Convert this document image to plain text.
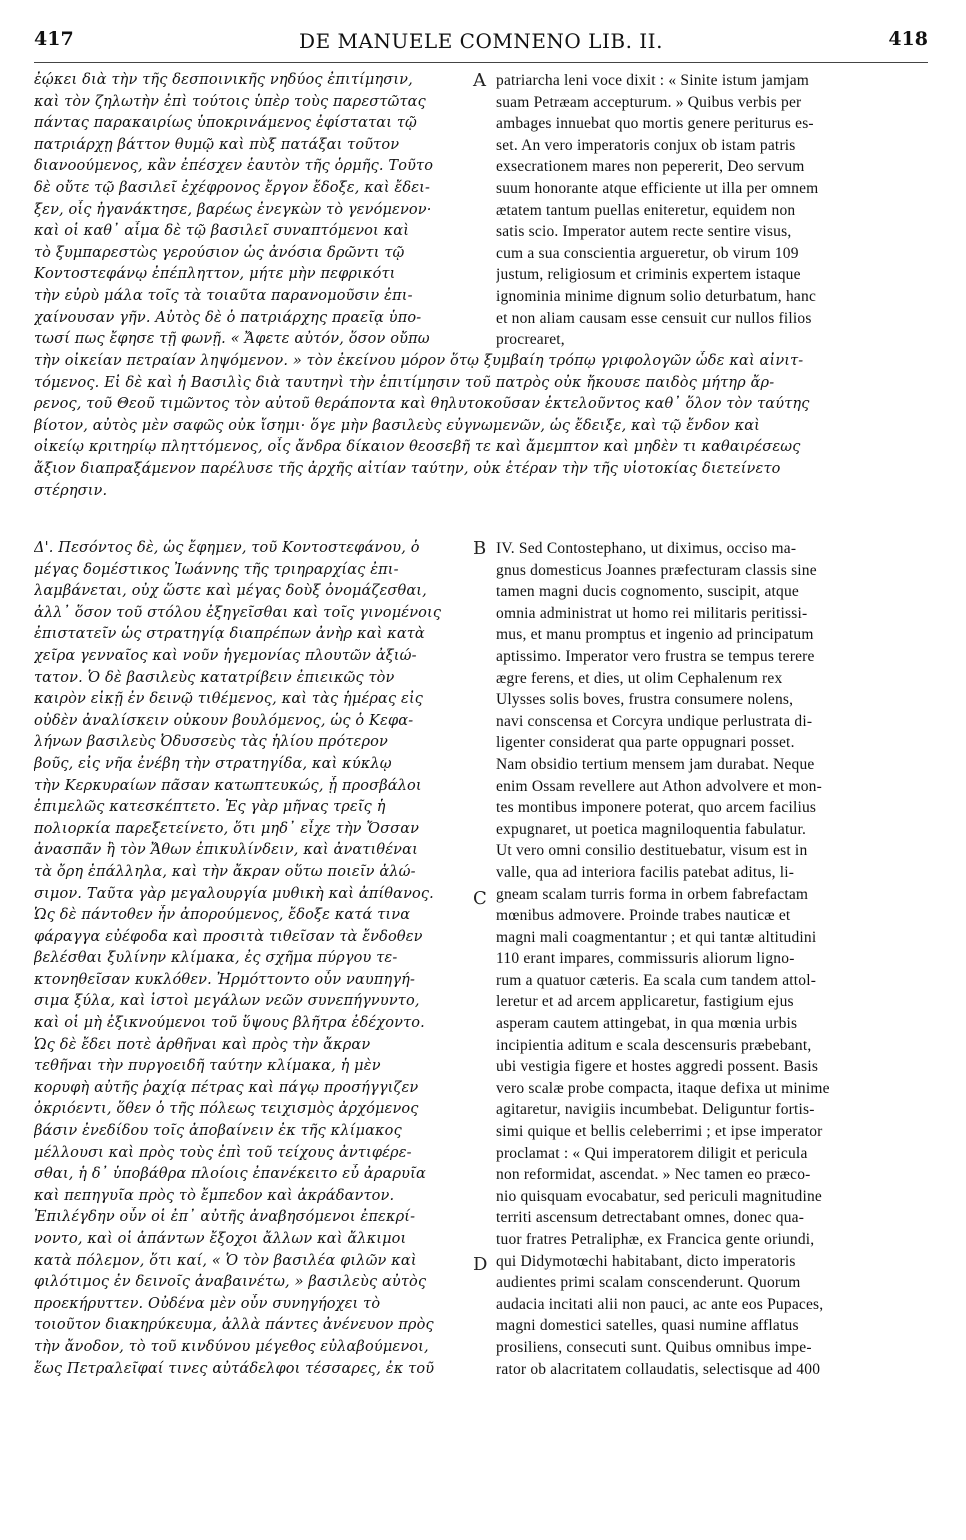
417	DE MANUELE COMNENO LIB. II.	418
A
B
C
D
ἐῴκει διὰ τὴν τῆς δεσποινικῆς νηδύος ἐπιτίμησιν,
καὶ τὸν ζηλωτὴν ἐπὶ τούτοις ὑπὲρ τοὺς παρεστῶτας
πάντας παρακαιρίως ὑποκρινάμενος ἐφίσταται τῷ
πατριάρχῃ βάττον θυμῷ καὶ πὺξ πατάξαι τοῦτον
διανοούμενος, κἂν ἐπέσχεν ἑαυτὸν τῆς ὁρμῆς. Τοῦτο
δὲ οὔτε τῷ βασιλεῖ ἐχέφρονος ἔργον ἔδοξε, καὶ ἔδει-
ξεν, οἷς ἠγανάκτησε, βαρέως ἐνεγκὼν τὸ γενόμενον·
καὶ οἱ καθ᾽ αἷμα δὲ τῷ βασιλεῖ συναπτόμενοι καὶ
τὸ ξυμπαρεστὼς γερούσιον ὡς ἀνόσια δρῶντι τῷ
Κοντοστεφάνῳ ἐπέπληττον, μήτε μὴν πεφρικότι
τὴν εὐρὺ μάλα τοῖς τὰ τοιαῦτα παρανομοῦσιν ἐπι-
χαίνουσαν γῆν. Αὐτὸς δὲ ὁ πατριάρχης πραεῖᾳ ὑπο-
τωσί πως ἔφησε τῇ φωνῇ. « Ἄφετε αὐτόν, ὅσον οὔπω
patriarcha leni voce dixit : « Sinite istum jamjam
suam Petræam accepturum. » Quibus verbis per
ambages innuebat quo mortis genere periturus es-
set. An vero imperatoris conjux ob istam patris
exsecrationem mares non pepererit, Deo servum
suum honorante atque efficiente ut illa per omnem
ætatem tantum puellas eniteretur, equidem non
satis scio. Imperator autem recte sentire visus,
cum a sua conscientia argueretur, ob virum 109
justum, religiosum et criminis expertem istaque
ignominia minime dignum solio deturbatum, hanc
et non aliam causam esse censuit cur nullos filios
procrearet,
τὴν οἰκείαν πετραίαν ληψόμενον. » τὸν ἐκείνου μόρον ὅτῳ ξυμβαίη τρόπῳ γριφολογῶν ὧδε καὶ αἰνιτ-
τόμενος. Εἰ δὲ καὶ ἡ Βασιλὶς διὰ ταυτηνὶ τὴν ἐπιτίμησιν τοῦ πατρὸς οὐκ ἤκουσε παιδὸς μήτηρ ἄρ-
ρενος, τοῦ Θεοῦ τιμῶντος τὸν αὐτοῦ θεράποντα καὶ θηλυτοκοῦσαν ἐκτελοῦντος καθ᾽ ὅλον τὸν ταύτης
βίοτον, αὐτὸς μὲν σαφῶς οὐκ ἴσημι· ὅγε μὴν βασιλεὺς εὐγνωμενῶν, ὡς ἔδειξε, καὶ τῷ ἔνδον καὶ
οἰκείῳ κριτηρίῳ πληττόμενος, οἷς ἄνδρα δίκαιον θεοσεβῆ τε καὶ ἄμεμπτον καὶ μηδὲν τι καθαιρέσεως
ἄξιον διαπραξάμενον παρέλυσε τῆς ἀρχῆς αἰτίαν ταύτην, οὐκ ἑτέραν τὴν τῆς υἱοτοκίας διετείνετο
στέρησιν.
Δ'. Πεσόντος δὲ, ὡς ἔφημεν, τοῦ Κοντοστεφάνου, ὁ
μέγας δομέστικος Ἰωάννης τῆς τριηραρχίας ἐπι-
λαμβάνεται, οὐχ ὥστε καὶ μέγας δοὺξ ὀνομάζεσθαι,
ἀλλ᾽ ὅσον τοῦ στόλου ἐξηγεῖσθαι καὶ τοῖς γινομένοις
ἐπιστατεῖν ὡς στρατηγίᾳ διαπρέπων ἀνὴρ καὶ κατὰ
χεῖρα γενναῖος καὶ νοῦν ἡγεμονίας πλουτῶν ἀξιώ-
τατον. Ὁ δὲ βασιλεὺς κατατρίβειν ἐπιεικῶς τὸν
καιρὸν εἰκῇ ἐν δεινῷ τιθέμενος, καὶ τὰς ἡμέρας εἰς
οὐδὲν ἀναλίσκειν οὐκουν βουλόμενος, ὡς ὁ Κεφα-
λήνων βασιλεὺς Ὀδυσσεὺς τὰς ἡλίου πρότερον
βοῦς, εἰς νῆα ἐνέβη τὴν στρατηγίδα, καὶ κύκλῳ
τὴν Κερκυραίων πᾶσαν κατωπτευκώς, ᾗ προσβάλοι
ἐπιμελῶς κατεσκέπτετο. Ἐς γὰρ μῆνας τρεῖς ἡ
πολιορκία παρεξετείνετο, ὅτι μηδ᾽ εἶχε τὴν Ὄσσαν
ἀνασπᾶν ἢ τὸν Ἄθων ἐπικυλίνδειν, καὶ ἀνατιθέναι
τὰ ὄρη ἐπάλληλα, καὶ τὴν ἄκραν οὕτω ποιεῖν ἁλώ-
σιμον. Ταῦτα γὰρ μεγαλουργία μυθικὴ καὶ ἀπίθανος.
Ὡς δὲ πάντοθεν ἦν ἀπορούμενος, ἔδοξε κατά τινα
φάραγγα εὐέφοδα καὶ προσιτὰ τιθεῖσαν τὰ ἔνδοθεν
βελέσθαι ξυλίνην κλίμακα, ἐς σχῆμα πύργου τε-
κτονηθεῖσαν κυκλόθεν. Ἠρμόττοντο οὖν ναυπηγή-
σιμα ξύλα, καὶ ἱστοὶ μεγάλων νεῶν συνεπήγνυντο,
καὶ οἱ μὴ ἐξικνούμενοι τοῦ ὕψους βλῆτρα ἐδέχοντο.
Ὡς δὲ ἔδει ποτὲ ἀρθῆναι καὶ πρὸς τὴν ἄκραν
τεθῆναι τὴν πυργοειδῆ ταύτην κλίμακα, ἡ μὲν
κορυφὴ αὐτῆς ῥαχίᾳ πέτρας καὶ πάγῳ προσήγγιζεν
ὀκριόεντι, ὅθεν ὁ τῆς πόλεως τειχισμὸς ἀρχόμενος
βάσιν ἐνεδίδου τοῖς ἀποβαίνειν ἐκ τῆς κλίμακος
μέλλουσι καὶ πρὸς τοὺς ἐπὶ τοῦ τείχους ἀντιφέρε-
σθαι, ἡ δ᾽ ὑποβάθρα πλοίοις ἐπανέκειτο εὖ ἀραρυῖα
καὶ πεπηγυῖα πρὸς τὸ ἔμπεδον καὶ ἀκράδαντον.
Ἐπιλέγδην οὖν οἱ ἐπ᾽ αὐτῆς ἀναβησόμενοι ἐπεκρί-
νοντο, καὶ οἱ ἁπάντων ἔξοχοι ἄλλων καὶ ἄλκιμοι
κατὰ πόλεμον, ὅτι καί, « Ὁ τὸν βασιλέα φιλῶν καὶ
φιλότιμος ἐν δεινοῖς ἀναβαινέτω, » βασιλεὺς αὐτὸς
προεκήρυττεν. Οὐδένα μὲν οὖν συνηγήοχει τὸ
τοιοῦτον διακηρύκευμα, ἀλλὰ πάντες ἀνένευον πρὸς
τὴν ἄνοδον, τὸ τοῦ κινδύνου μέγεθος εὐλαβούμενοι,
ἕως Πετραλεῖφαί τινες αὐτάδελφοι τέσσαρες, ἐκ τοῦ
IV. Sed Contostephano, ut diximus, occiso ma-
gnus domesticus Joannes præfecturam classis sine
tamen magni ducis cognomento, suscipit, atque
omnia administrat ut homo rei militaris peritissi-
mus, et manu promptus et ingenio ad principatum
aptissimo. Imperator vero frustra se tempus terere
ægre ferens, et dies, ut olim Cephalenum rex
Ulysses solis boves, frustra consumere nolens,
navi conscensa et Corcyra undique perlustrata di-
ligenter considerat qua parte oppugnari posset.
Nam obsidio tertium mensem jam durabat. Neque
enim Ossam revellere aut Athon advolvere et mon-
tes montibus imponere poterat, quo arcem facilius
expugnaret, ut poetica magniloquentia fabulatur.
Ut vero omni consilio destituebatur, visum est in
valle, qua ad interiora facilis patebat aditus, li-
gneam scalam turris forma in orbem fabrefactam
mœnibus admovere. Proinde trabes nauticæ et
magni mali coagmentantur ; et qui tantæ altitudini
110 erant impares, commissuris aliorum ligno-
rum a quatuor cæteris. Ea scala cum tandem attol-
leretur et ad arcem applicaretur, fastigium ejus
asperam cautem attingebat, in qua mœnia urbis
incipientia aditum e scala descensuris præbebant,
ubi vestigia figere et hostes aggredi possent. Basis
vero scalæ probe compacta, itaque defixa ut minime
agitaretur, navigiis incumbebat. Deliguntur fortis-
simi quique et bellis celeberrimi ; et ipse imperator
proclamat : « Qui imperatorem diligit et pericula
non reformidat, ascendat. » Nec tamen eo præco-
nio quisquam evocabatur, sed periculi magnitudine
territi ascensum detrectabant omnes, donec qua-
tuor fratres Petraliphæ, ex Francica gente oriundi,
qui Didymotœchi habitabant, dicto imperatoris
audientes primi scalam conscenderunt. Quorum
audacia incitati alii non pauci, ac ante eos Pupaces,
magni domestici satelles, quasi numine afflatus
prosiliens, consecuti sunt. Quibus omnibus impe-
rator ob alacritatem collaudatis, selectisque ad 400
